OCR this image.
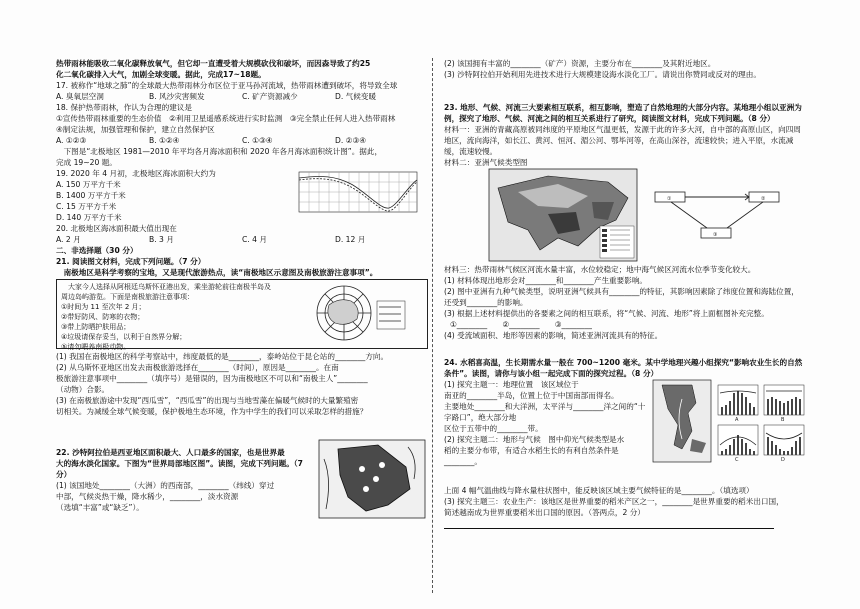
热带雨林能吸收二氧化碳释放氧气，但它却一直遭受着大规模砍伐和破坏，而因森导致了约25

化二氧化碳排入大气，加剧全球变暖。据此，完成17~18题。

17. 被称作“地球之肺”的全球最大热带雨林分布区位于亚马孙河流域，热带雨林遭到破坏，将导致全球

A. 臭氧层空洞	B. 风沙灾害频发	C. 矿产资源减少	D. 气候变暖

18. 保护热带雨林，作认为合理的建议是

①宣传热带雨林重要的生态价值　②利用卫星遥感系统进行实时监测　③完全禁止任何人进入热带雨林

④制定法规，加强管理和保护，建立自然保护区

A. ①②③	B. ①②④	C. ①③④	D. ②③④

　下图是“北极地区 1981—2010 年平均各月海冰面积和 2020 年各月海冰面积统计图”。据此，

完成 19~20 题。

19. 2020 年 4 月初，北极地区海冰面积大约为

A. 150 万平方千米

B. 1400 万平方千米

C. 15 万平方千米

D. 140 万平方千米

20. 北极地区海冰面积最大值出现在

A. 2 月	B. 3 月	C. 4 月	D. 12 月

二、非选择题（30 分）

21. 阅读图文材料，完成下列问题。（7 分）

　南极地区是科学考察的宝地，又是现代旅游热点，读“南极地区示意图及南极旅游注意事项”。

　大家今人选择从阿根廷乌斯怀亚港出发，乘坐游轮前往南极半岛及周边岛屿游览。下面是南极旅游注意事项：

①时间为 11 至次年 2 月；

②带好防风、防寒的衣物；

③带上防晒护肤用品；

④垃圾请保存妥当，以利于自然界分解；

⑤请勿喂养南极动物。

(1) 我国在南极地区的科学考察站中，纬度最低的是________，泰岭站位于昆仑站的________方向。

(2) 从乌斯怀亚地区出发去南极旅游选择在________（时间），原因是________。在南

极旅游注意事项中________（填序号）是错误的，因为南极地区不可以和“南极主人”________

（动物）合影。

(3) 在南极旅游途中发现“西瓜雪”，“西瓜雪”的出现与当地雪藻在偏暖气候时的大量繁殖密

切相关。为减缓全球气候变暖，保护极地生态环境，作为中学生的我们可以采取怎样的措施？

22. 沙特阿拉伯是西亚地区面积最大、人口最多的国家，也是世界最

大的海水淡化国家。下图为“世界局部地区图”。读图，完成下列问题。（7 分）

(1) 该国地处________（大洲）的西南部，________（纬线）穿过

中部，气候炎热干燥，降水稀少，________，淡水资源

（选填“丰富”或“缺乏”）。

(2) 该国拥有丰富的________（矿产）资源，主要分布在________及其附近地区。

(3) 沙特阿拉伯开始利用先进技术进行大规模建设海水淡化工厂。请说出你赞同或反对的理由。

23. 地形、气候、河流三大要素相互联系，相互影响，塑造了自然地理的大部分内容。某地理小组以亚洲为例，探究了地形、气候、河流之间的相互关系进行了研究，阅读图文材料，完成下列问题。（8 分）

材料一：亚洲的青藏高原被同纬度的平原地区气温更低，发源于此的许多大河，自中部的高原山区，向四周地区，流向海洋，如长江、黄河、恒河、湄公河、鄂毕河等，在高山深谷，流速较快；进入平原，水流减缓，流速较慢。

材料二：亚洲气候类型图

①	②
③

材料三：热带雨林气候区河流水量丰富，水位较稳定；地中海气候区河流水位季节变化较大。

(1) 材料体现出地形会对________和________产生重要影响。

(2) 图中亚洲有九种气候类型，说明亚洲气候具有________的特征，其影响因素除了纬度位置和海陆位置，还受到________的影响。

(3) 根据上述材料提供出的各要素之间的相互联系，将“气候、河流、地形”将上面框图补充完整。

①________　　②________　　③________

(4) 受流域面积、地形等因素的影响，简述亚洲河流具有的特征。

24. 水稻喜高温，生长期需水量一般在 700~1200 毫米。某中学地理兴趣小组探究“影响农业生长的自然条件”。读图，请你与该小组一起完成下面的探究过程。（8 分）

(1) 探究主题一：地理位置　该区域位于

南亚的________半岛，位置上位于中国南部而得名。

主要地处________和大洋洲，太平洋与________洋之间的“十字路口”，绝大部分地

区位于五带中的________带。

(2) 探究主题二：地形与气候　图中仰光气候类型是水

稻的主要分布带，有适合水稻生长的有利自然条件是________。

A	B
C	D

上面 4 幅气温曲线与降水量柱状图中，能反映该区域主要气候特征的是________。（填选项）

(3) 探究主题三：农业生产：该地区是世界重要的稻米产区之一，________是世界重要的稻米出口国，

简述越南成为世界重要稻米出口国的原因。（答两点，2 分）
